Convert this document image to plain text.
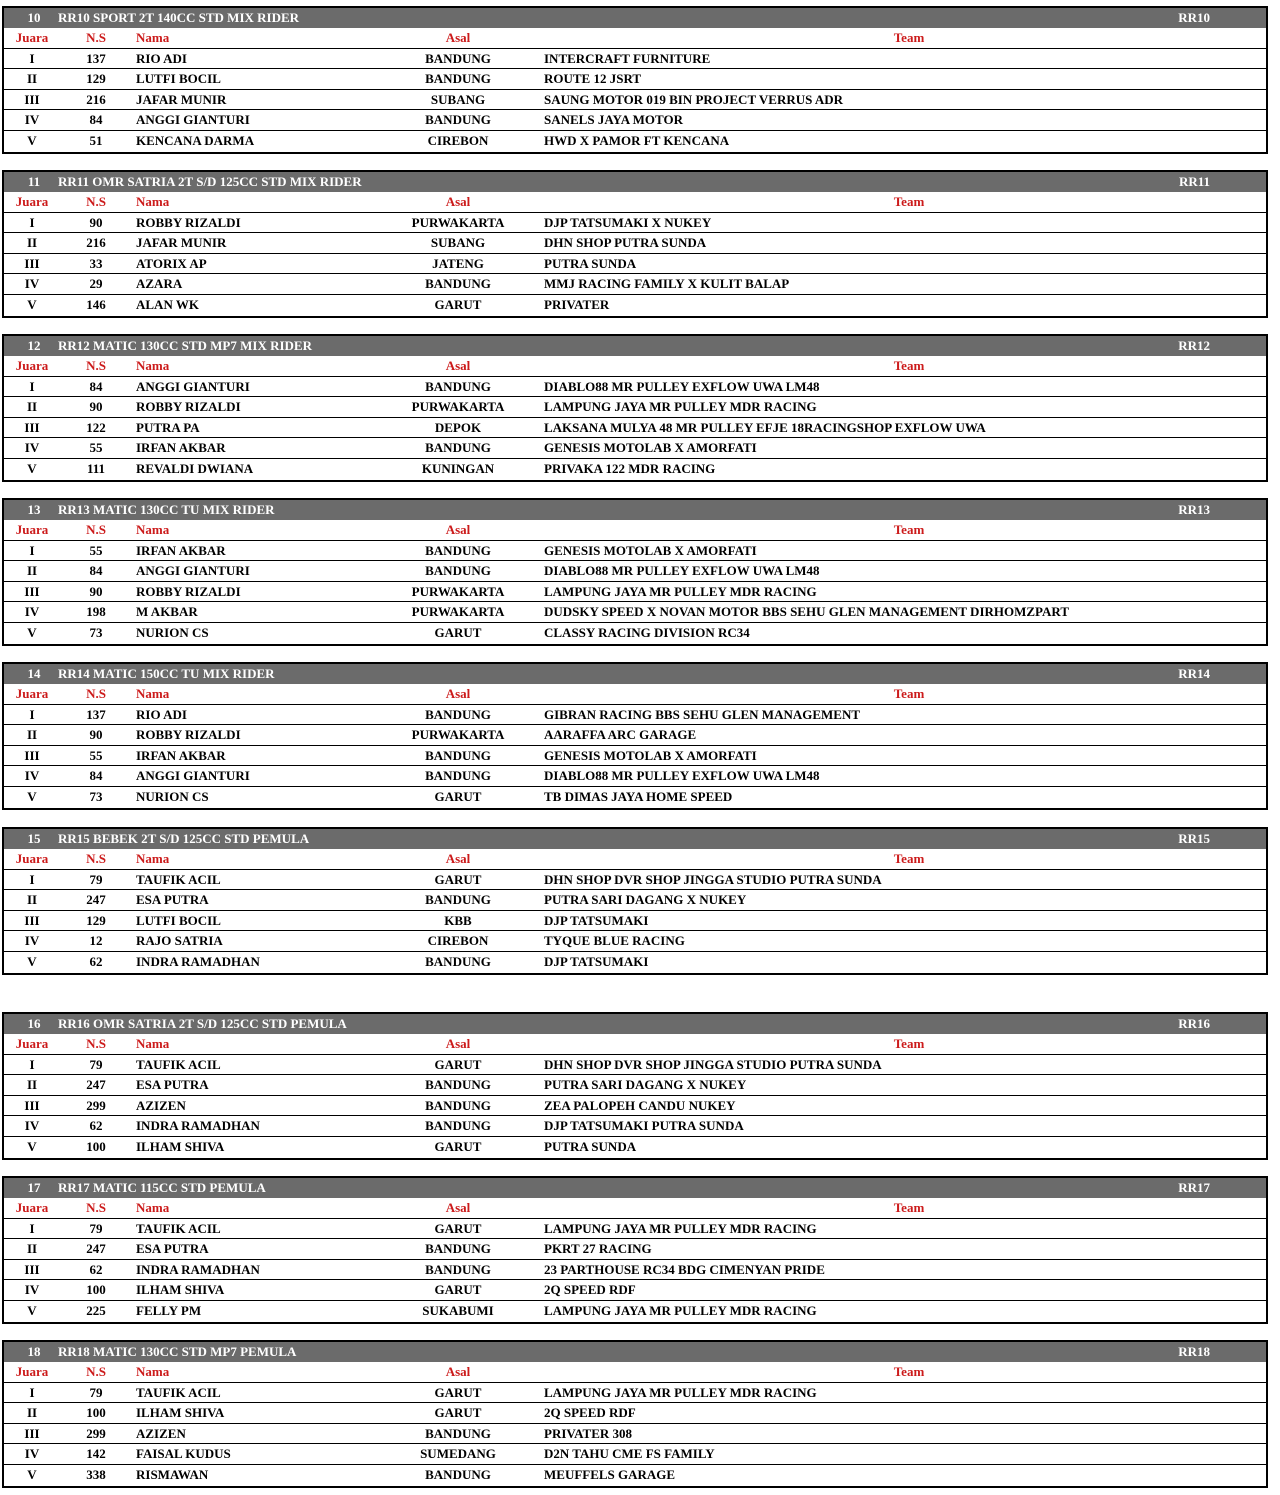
10	RR10 SPORT 2T 140CC STD MIX RIDER	RR10
Juara	N.S	Nama	Asal	Team
I	137	RIO ADI	BANDUNG	INTERCRAFT FURNITURE
II	129	LUTFI BOCIL	BANDUNG	ROUTE 12 JSRT
III	216	JAFAR MUNIR	SUBANG	SAUNG MOTOR 019 BIN PROJECT VERRUS ADR
IV	84	ANGGI GIANTURI	BANDUNG	SANELS JAYA MOTOR
V	51	KENCANA DARMA	CIREBON	HWD X PAMOR FT KENCANA
11	RR11 OMR SATRIA 2T S/D 125CC STD MIX RIDER	RR11
Juara	N.S	Nama	Asal	Team
I	90	ROBBY RIZALDI	PURWAKARTA	DJP TATSUMAKI X NUKEY
II	216	JAFAR MUNIR	SUBANG	DHN SHOP PUTRA SUNDA
III	33	ATORIX AP	JATENG	PUTRA SUNDA
IV	29	AZARA	BANDUNG	MMJ RACING FAMILY X KULIT BALAP
V	146	ALAN WK	GARUT	PRIVATER
12	RR12 MATIC 130CC STD MP7 MIX RIDER	RR12
Juara	N.S	Nama	Asal	Team
I	84	ANGGI GIANTURI	BANDUNG	DIABLO88 MR PULLEY EXFLOW UWA LM48
II	90	ROBBY RIZALDI	PURWAKARTA	LAMPUNG JAYA MR PULLEY MDR RACING
III	122	PUTRA PA	DEPOK	LAKSANA MULYA 48 MR PULLEY EFJE 18RACINGSHOP EXFLOW UWA
IV	55	IRFAN AKBAR	BANDUNG	GENESIS MOTOLAB X AMORFATI
V	111	REVALDI DWIANA	KUNINGAN	PRIVAKA 122 MDR RACING
13	RR13 MATIC 130CC TU MIX RIDER	RR13
Juara	N.S	Nama	Asal	Team
I	55	IRFAN AKBAR	BANDUNG	GENESIS MOTOLAB X AMORFATI
II	84	ANGGI GIANTURI	BANDUNG	DIABLO88 MR PULLEY EXFLOW UWA LM48
III	90	ROBBY RIZALDI	PURWAKARTA	LAMPUNG JAYA MR PULLEY MDR RACING
IV	198	M AKBAR	PURWAKARTA	DUDSKY SPEED X NOVAN MOTOR BBS SEHU GLEN MANAGEMENT DIRHOMZPART
V	73	NURION CS	GARUT	CLASSY RACING DIVISION RC34
14	RR14 MATIC 150CC TU MIX RIDER	RR14
Juara	N.S	Nama	Asal	Team
I	137	RIO ADI	BANDUNG	GIBRAN RACING BBS SEHU GLEN MANAGEMENT
II	90	ROBBY RIZALDI	PURWAKARTA	AARAFFA ARC GARAGE
III	55	IRFAN AKBAR	BANDUNG	GENESIS MOTOLAB X AMORFATI
IV	84	ANGGI GIANTURI	BANDUNG	DIABLO88 MR PULLEY EXFLOW UWA LM48
V	73	NURION CS	GARUT	TB DIMAS JAYA HOME SPEED
15	RR15 BEBEK 2T S/D 125CC STD PEMULA	RR15
Juara	N.S	Nama	Asal	Team
I	79	TAUFIK ACIL	GARUT	DHN SHOP DVR SHOP JINGGA STUDIO PUTRA SUNDA
II	247	ESA PUTRA	BANDUNG	PUTRA SARI DAGANG X NUKEY
III	129	LUTFI BOCIL	KBB	DJP TATSUMAKI
IV	12	RAJO SATRIA	CIREBON	TYQUE BLUE RACING
V	62	INDRA RAMADHAN	BANDUNG	DJP TATSUMAKI
16	RR16 OMR SATRIA 2T S/D 125CC STD PEMULA	RR16
Juara	N.S	Nama	Asal	Team
I	79	TAUFIK ACIL	GARUT	DHN SHOP DVR SHOP JINGGA STUDIO PUTRA SUNDA
II	247	ESA PUTRA	BANDUNG	PUTRA SARI DAGANG X NUKEY
III	299	AZIZEN	BANDUNG	ZEA PALOPEH CANDU NUKEY
IV	62	INDRA RAMADHAN	BANDUNG	DJP TATSUMAKI PUTRA SUNDA
V	100	ILHAM SHIVA	GARUT	PUTRA SUNDA
17	RR17 MATIC 115CC STD PEMULA	RR17
Juara	N.S	Nama	Asal	Team
I	79	TAUFIK ACIL	GARUT	LAMPUNG JAYA MR PULLEY MDR RACING
II	247	ESA PUTRA	BANDUNG	PKRT 27 RACING
III	62	INDRA RAMADHAN	BANDUNG	23 PARTHOUSE RC34 BDG CIMENYAN PRIDE
IV	100	ILHAM SHIVA	GARUT	2Q SPEED RDF
V	225	FELLY PM	SUKABUMI	LAMPUNG JAYA MR PULLEY MDR RACING
18	RR18 MATIC 130CC STD MP7 PEMULA	RR18
Juara	N.S	Nama	Asal	Team
I	79	TAUFIK ACIL	GARUT	LAMPUNG JAYA MR PULLEY MDR RACING
II	100	ILHAM SHIVA	GARUT	2Q SPEED RDF
III	299	AZIZEN	BANDUNG	PRIVATER 308
IV	142	FAISAL KUDUS	SUMEDANG	D2N TAHU CME FS FAMILY
V	338	RISMAWAN	BANDUNG	MEUFFELS GARAGE
